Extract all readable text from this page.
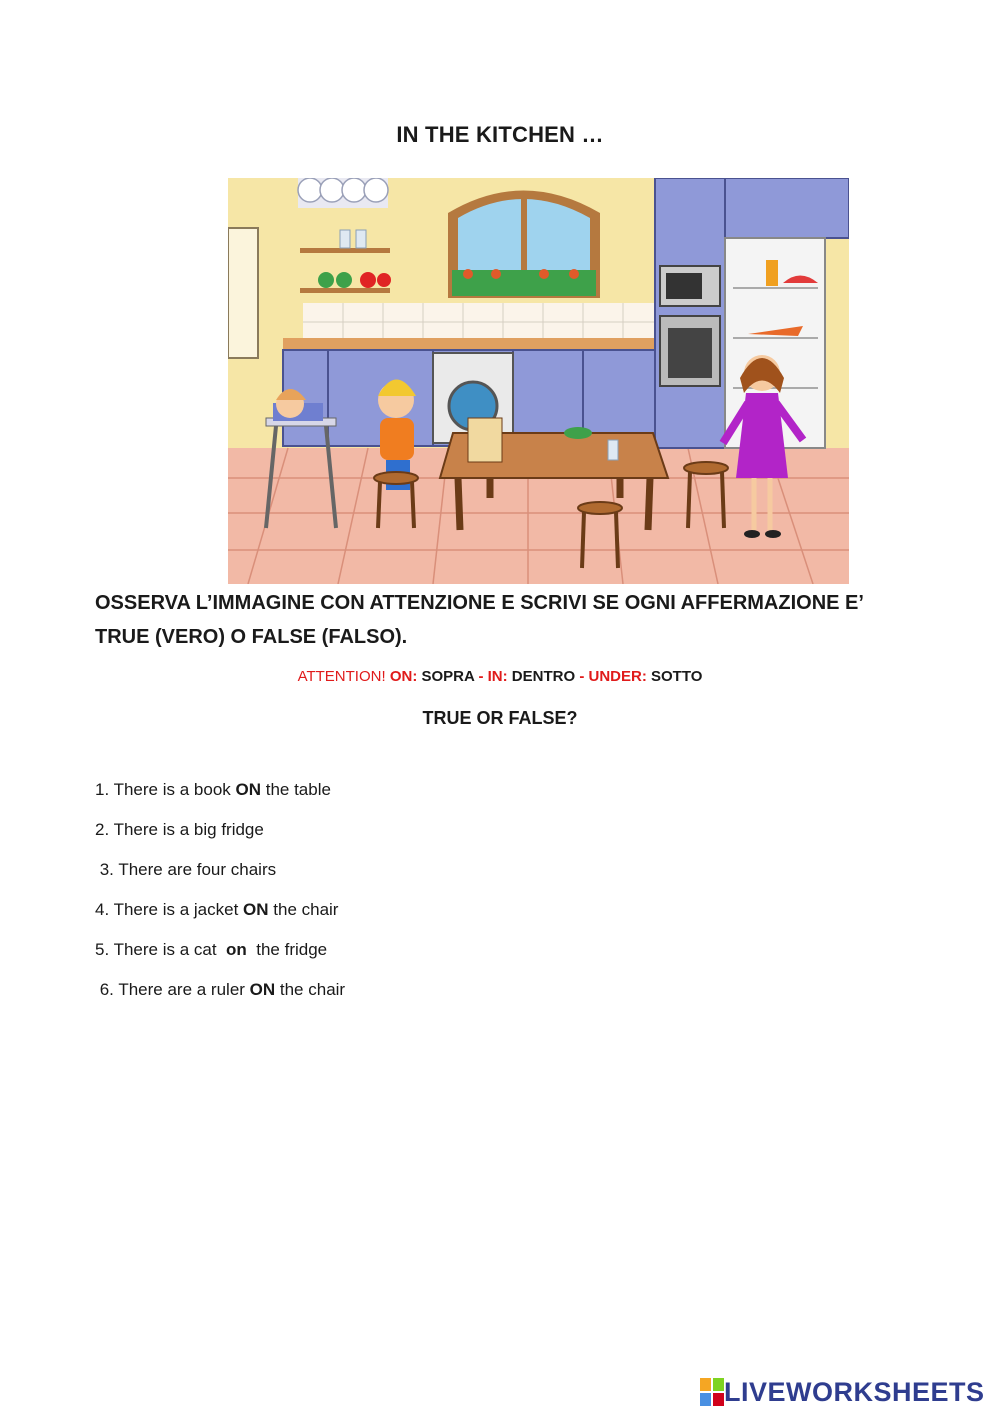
IN THE KITCHEN …
OSSERVA L’IMMAGINE CON ATTENZIONE E SCRIVI SE OGNI AFFERMAZIONE E’ TRUE (VERO) O FALSE (FALSO).
ATTENTION! ON: SOPRA - IN: DENTRO - UNDER: SOTTO
TRUE OR FALSE?
1. There is a book ON the table
2. There is a big fridge
3. There are four chairs
4. There is a jacket ON the chair
5. There is a cat  on  the fridge
6. There are a ruler ON the chair
LIVEWORKSHEETS
